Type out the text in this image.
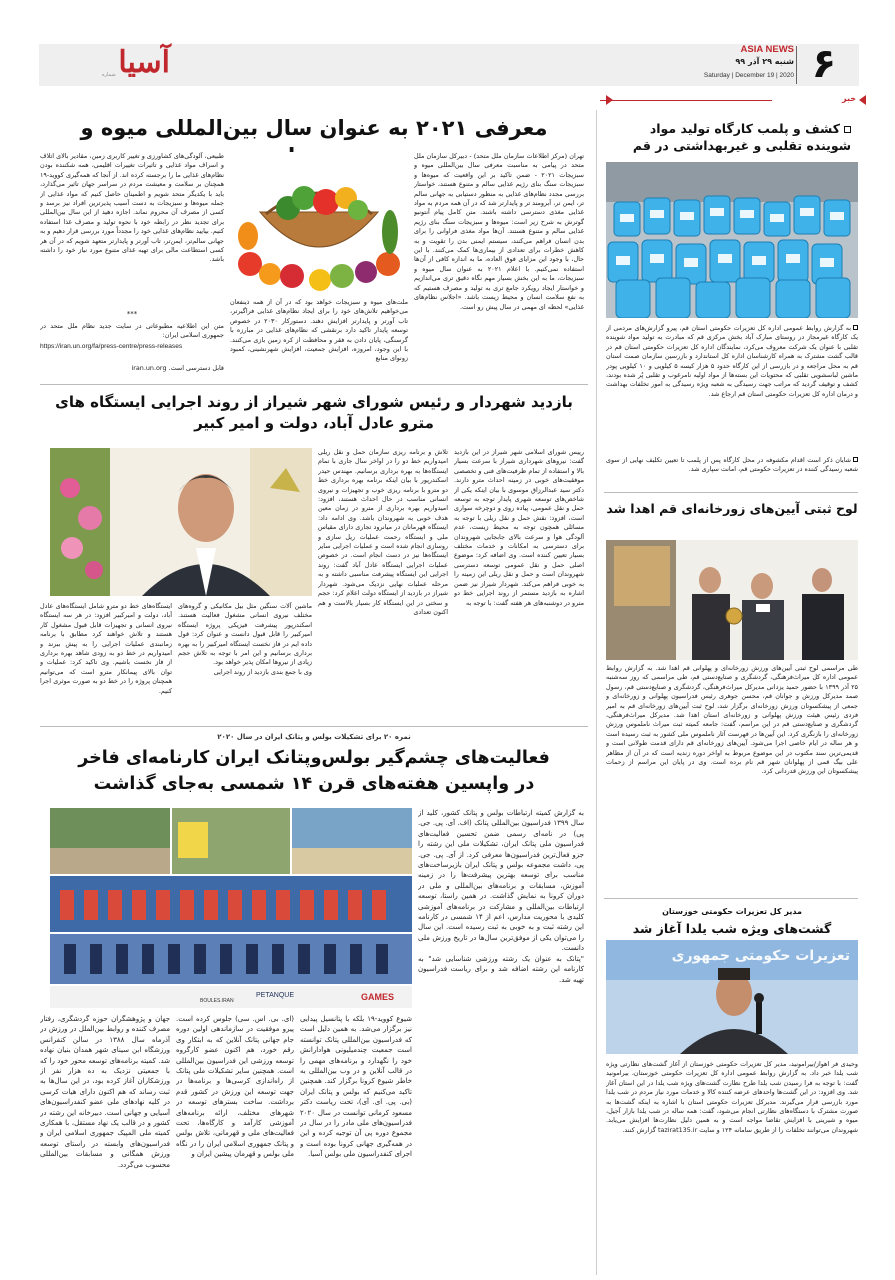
۶
ASIA NEWS
شنبه ۲۹ آذر ۹۹
Saturday | December 19 | 2020
آسیا
شماره
خبر
کشف و پلمب کارگاه تولید مواد شوینده تقلبی و غیربهداشتی در قم
به گزارش روابط عمومی اداره کل تعزیرات حکومتی استان قم، پیرو گزارش‌های مردمی از یک کارگاه غیرمجاز در روستای مبارک آباد بخش مرکزی قم که مبادرت به تولید مواد شوینده تقلبی با عنوان یک شرکت معروف می‌کرد، نمایندگان اداره کل تعزیرات حکومتی استان قم در قالب گشت مشترک به همراه کارشناسان اداره کل استاندارد و بازرسین سازمان صمت استان قم به محل مراجعه و در بازرسی از این کارگاه حدود ۵ هزار کیسه ۵ کیلویی و ۱۰ کیلویی پودر ماشین لباسشویی تقلبی که محتویات این بسته‌ها از مواد اولیه نامرغوب و تقلبی پُر شده بودند، کشف و توقیف گردید که مراتب جهت رسیدگی به شعبه ویژه رسیدگی به امور تخلفات بهداشت و درمان اداره کل تعزیرات حکومتی استان قم ارجاع شد.
شایان ذکر است اقدام مکشوفه در محل کارگاه پس از پلمب تا تعیین تکلیف نهایی از سوی شعبه رسیدگی کننده در تعزیرات حکومتی قم، امانت سپاری شد.
لوح ثبتی آیین‌های زورخانه‌ای قم اهدا شد
طی مراسمی لوح ثبتی آیین‌های ورزش زورخانه‌ای و پهلوانی قم اهدا شد. به گزارش روابط عمومی اداره کل میراث‌فرهنگی، گردشگری و صنایع‌دستی قم، طی مراسمی که روز سه‌شنبه ۲۵ آذر ۱۳۹۹ با حضور حمید یزدانی مدیرکل میراث‌فرهنگی، گردشگری و صنایع‌دستی قم، رسول صمد مدیرکل ورزش و جوانان قم، محسن جوهری رئیس فدراسیون پهلوانی و زورخانه‌ای و جمعی از پیشکسوتان ورزش زورخانه‌ای برگزار شد، لوح ثبت آیین‌های زورخانه‌ای قم به امیر فردی رئیس هیئت ورزش پهلوانی و زورخانه‌ای استان اهدا شد. مدیرکل میراث‌فرهنگی، گردشگری و صنایع‌دستی قم در این مراسم، گفت: جامعه کمیته ثبت میراث ناملموس ورزش زورخانه‌ای را بازنگری کرد. این آیین‌ها در فهرست آثار ناملموس ملی کشور به ثبت رسیده است و هر ساله در ایام خاصی اجرا می‌شود. آیین‌های زورخانه‌ای قم دارای قدمت طولانی است و قدیمی‌ترین سند مکتوب در این موضوع مربوط به اواخر دوره زندیه است که در آن از مظاهر علی بیگ قمی از پهلوانان شهر قم نام برده است. وی در پایان این مراسم از زحمات پیشکسوتان این ورزش قدردانی کرد.
مدیر کل تعزیرات حکومتی خوزستان
گشت‌های ویژه شب یلدا آغاز شد
تعزیرات حکومتی جمهوری
وحیدی فر اهواز/بیرامونید، مدیر کل تعزیرات حکومتی خوزستان از آغاز گشت‌های نظارتی ویژه شب یلدا خبر داد. به گزارش روابط عمومی اداره کل تعزیرات حکومتی خوزستان، بیرامونید گفت: با توجه به فرا رسیدن شب یلدا طرح نظارت گشت‌های ویژه شب یلدا در این استان آغاز شد. وی افزود: در این گشت‌ها واحدهای عرضه کننده کالا و خدمات مورد نیاز مردم در شب یلدا مورد بازرسی قرار می‌گیرند. مدیرکل تعزیرات حکومتی استان با اشاره به اینکه گشت‌ها به صورت مشترک با دستگاه‌های نظارتی انجام می‌شود، گفت: همه ساله در شب یلدا بازار آجیل، میوه و شیرینی با افزایش تقاضا مواجه است و به همین دلیل نظارت‌ها افزایش می‌یابد. شهروندان می‌توانند تخلفات را از طریق سامانه ۱۲۴ و سایت tazirat135.ir گزارش کنند.
معرفی ۲۰۲۱ به عنوان سال بین‌المللی میوه و
تهران (مرکز اطلاعات سازمان ملل متحد) - دبیرکل سازمان ملل متحد در پیامی به مناسبت معرفی سال بین‌المللی میوه و سبزیجات ۲۰۲۱ - ضمن تاکید بر این واقعیت که میوه‌ها و سبزیجات سنگ بنای رژیم غذایی سالم و متنوع هستند، خواستار بررسی مجدد نظام‌های غذایی به منظور دستیابی به جهانی سالم تر، ایمن تر، آبرومند تر و پایدارتر شد که در آن همه مردم به مواد غذایی مغذی دسترسی داشته باشند. متن کامل پیام آنتونیو گوترش به شرح زیر است: میوه‌ها و سبزیجات سنگ بنای رژیم غذایی سالم و متنوع هستند. آن‌ها مواد مغذی فراوانی را برای بدن انسان فراهم می‌کنند، سیستم ایمنی بدن را تقویت و به کاهش خطرات برای تعدادی از بیماری‌ها کمک می‌کنند. با این حال، با وجود این مزایای فوق العاده، ما به اندازه کافی از آن‌ها استفاده نمی‌کنیم. با اعلام ۲۰۲۱ به عنوان سال میوه و سبزیجات، ما به این بخش بسیار مهم نگاه دقیق تری می‌اندازیم و خواستار ایجاد رویکرد جامع تری به تولید و مصرف هستیم که به نفع سلامت انسان و محیط زیست باشد. «اجلاس نظام‌های غذایی» لحظه ای مهمی در سال پیش رو است.
ملت‌های میوه و سبزیجات خواهد بود که در آن از همه ذینفعان می‌خواهیم تلاش‌های خود را برای ایجاد نظام‌های غذایی فراگیرتر، تاب آورتر و پایدارتر افزایش دهند. دستورکار ۲۰۳۰ در خصوص توسعه پایدار تاکید دارد برنقشی که نظام‌های غذایی در مبارزه با گرسنگی، پایان دادن به فقر و محافظت از کره زمین بازی می‌کنند. با این وجود، امروزه، افزایش جمعیت، افزایش شهرنشینی، کمبود زونوای منابع
طبیعی، آلودگی‌های کشاورزی و تغییر کاربری زمین، مقادیر بالای اتلاف و اسراف مواد غذایی و تاثیرات تغییرات اقلیمی، همه شکننده بودن نظام‌های غذایی ما را برجسته کرده اند. از آنجا که همه‌گیری کووید-۱۹ همچنان بر سلامت و معیشت مردم در سراسر جهان تاثیر می‌گذارد، باید با یکدیگر متحد شویم و اطمینان حاصل کنیم که مواد غذایی از جمله میوه‌ها و سبزیجات به دست آسیب پذیرترین افراد نیز برسد و کسی از مصرف آن محروم نماند. اجازه دهید از این سال بین‌المللی برای تجدید نظر در رابطه خود با نحوه تولید و مصرف غذا استفاده کنیم. بیایید نظام‌های غذایی خود را مجدداً مورد بررسی قرار دهیم و به جهانی سالم‌تر، ایمن‌تر، تاب آورتر و پایدارتر متعهد شویم که در آن هر کسی استطاعت مالی برای تهیه غذای متنوع مورد نیاز خود را داشته باشد.
***
متن این اطلاعیه مطبوعاتی در سایت جدید نظام ملل متحد در جمهوری اسلامی ایران:
https://iran.un.org/fa/press-centre/press-releases
قابل دسترسی است. iran.un.org
بازدید شهردار و رئیس شورای شهر شیراز از روند اجرایی ایستگاه های مترو عادل آباد، دولت و امیر کبیر
رییس شورای اسلامی شهر شیراز در این بازدید گفت: نیروهای شهرداری شیراز با سرعت بسیار بالا و استفاده از تمام ظرفیت‌های فنی و تخصصی موفقیت‌های خوبی در زمینه احداث مترو دارند. دکتر سید عبدالرزاق موسوی با بیان اینکه یکی از شاخص‌های توسعه شهری پایدار توجه به توسعه حمل و نقل عمومی، پیاده روی و دوچرخه سواری است، افزود: نقش حمل و نقل ریلی با توجه به مسائلی همچون توجه به محیط زیست، عدم آلودگی هوا و سرعت بالای جابجایی شهروندان برای دسترسی به امکانات و خدمات مختلف بسیار تعیین کننده است. وی اضافه کرد: موضوع اصلی حمل و نقل عمومی توسعه دسترسی شهروندان است و حمل و نقل ریلی این زمینه را به خوبی فراهم می‌کند. شهردار شیراز نیز ضمن اشاره به بازدید مستمر از روند اجرایی خط دو مترو در دوشنبه‌های هر هفته گفت: با توجه به
تلاش و برنامه ریزی سازمان حمل و نقل ریلی امیدواریم خط دو را در اواخر سال جاری با تمام ایستگاه‌ها به بهره برداری برسانیم. مهندس حیدر اسکندرپور با بیان اینکه برنامه بهره برداری خط دو مترو با برنامه ریزی خوب و تجهیزات و نیروی انسانی مناسب در حال احداث هستند، افزود: امیدواریم بهره برداری از مترو در زمان معین هدف خوبی به شهروندان باشد. وی ادامه داد: ایستگاه قهرمانان در میانرود تجاری دارای مقیاس ملی و ایستگاه رحمت عملیات ریل سازی و روسازی انجام شده است و عملیات اجرایی سایر ایستگاه‌ها نیز در دست انجام است. در خصوص عملیات اجرایی ایستگاه عادل آباد گفت: روند اجرایی این ایستگاه پیشرفت مناسبی داشته و به مرحله عملیات نهایی نزدیک می‌شود. شهردار شیراز در بازدید از ایستگاه دولت اعلام کرد: حجم و سختی در این ایستگاه کار بسیار بالاست و هم اکنون تعدادی
ماشین آلات سنگین مثل بیل مکانیکی و گروه‌های مختلف نیروی انسانی مشغول فعالیت هستند. اسکندرپور پیشرفت فیزیکی پروژه ایستگاه امیرکبیر را قابل قبول دانست و عنوان کرد: قول داده ایم در فاز نخست ایستگاه امیرکبیر را به بهره برداری برسانیم و این امر با توجه به تلاش حجم زیادی از نیروها امکان پذیر خواهد بود.
وی با جمع بندی بازدید از روند اجرایی
ایستگاه‌های خط دو مترو شامل ایستگاه‌های عادل آباد، دولت و امیرکبیر افزود: در هر سه ایستگاه نیروی انسانی و تجهیزات قابل قبول مشغول کار هستند و تلاش خواهند کرد مطابق با برنامه زمانبندی عملیات اجرایی را به پیش ببرند و امیدواریم در خط دو به زودی شاهد بهره برداری از فاز نخست باشیم. وی تاکید کرد: عملیات و توان بالای پیمانکار مترو است که می‌توانیم همچنان پروژه را در خط دو به صورت موثری اجرا کنیم.
نمره ۲۰ برای تشکیلات بولس و پتانک ایران در سال ۲۰۲۰
فعالیت‌های چشم‌گیر بولس‌وپتانک ایران کارنامه‌ای فاخر
در واپسین هفته‌های قرن ۱۴ شمسی به‌جای گذاشت
GAMES
PETANQUE
BOULES.IRAN
به گزارش کمیته ارتباطات بولس و پتانک کشور، کلید از سال ۱۳۹۹ فدراسیون بین‌المللی پتانک (اف. آی. پی. جی. پی) در نامه‌ای رسمی ضمن تحسین فعالیت‌های فدراسیون ملی پتانک ایران، تشکیلات ملی این رشته را جزو فعال‌ترین فدراسیون‌ها معرفی کرد. از آی. پی. جی. پی، داشت مجموعه بولس و پتانک ایران بازیرساخت‌های مناسب برای توسعه بهترین پیشرفت‌ها را در زمینه آموزش، مسابقات و برنامه‌های بین‌المللی و ملی در دوران کرونا به نمایش گذاشت. در همین راستا، توسعه ارتباطات بین‌المللی و مشارکت در برنامه‌های آموزشی کلیدی با محوریت مدارس، اعم از ۱۴ شمسی در کارنامه این رشته ثبت و به خوبی به ثبت رسیده است. این سال را می‌توان یکی از موفق‌ترین سال‌ها در تاریخ ورزش ملی دانست.
"پتانک به عنوان یک رشته ورزشی شناسایی شد" به کارنامه این رشته اضافه شد و برای ریاست فدراسیون تهیه شد.
شیوع کووید-۱۹ بلکه با پتانسیل پیدایی نیز برگزار می‌شد. به همین دلیل است که فدراسیون بین‌المللی پتانک توانسته است جمعیت چندمیلیونی هوادارانش خود را نگهدارد و برنامه‌های مهمی را در قالب آنلاین و در وب بین‌المللی به خاطر شیوع کرونا برگزار کند. همچنین تاکید می‌کنیم که بولس و پتانک ایران (بی. پی. ای. آی)، تحت ریاست دکتر مسعود کرمانی توانست در سال ۲۰۲۰ فدراسیون‌های ملی مادر را در سال در مجموع دوره پی آن توجیه کرده و این در همه‌گیری جهانی کرونا بوده است و اجرای کنفدراسیون ملی بولس آسیا.
(ای. بی. اس. سی) جلوس کرده است. پیرو موفقیت در سازماندهی اولین دوره جام جهانی پتانک آنلاین که به ابتکار وی رقم خورد، هم اکنون عضو کارگروه توسعه ورزشی این فدراسیون بین‌المللی است. همچنین سایر تشکیلات ملی پتانک از راه‌اندازی کرسی‌ها و برنامه‌ها در جهت توسعه این ورزش در کشور قدم برداشت. ساخت بسترهای توسعه در شهرهای مختلف، ارائه برنامه‌های آموزشی کارآمد و کارگاه‌ها، تحت فعالیت‌های ملی و قهرمانی، تلاش بولس و پتانک جمهوری اسلامی ایران را در نگاه ملی بولس و قهرمان پیشین ایران و
جهان و پژوهشگران حوزه گردشگری، رفتار مصرف کننده و روابط بین‌الملل در ورزش در آذرماه سال ۱۳۸۸ در سالن کنفرانس ورزشگاه ابن سینای شهر همدان بنیان نهاده شد. کمیته برنامه‌های توسعه محور خود را که با جمعیتی نزدیک به ده هزار نفر از ورزشکاران آغاز کرده بود، در این سال‌ها به ثبت رساند که هم اکنون دارای هیات کرسی در کلیه نهادهای ملی عضو کنفدراسیون‌های آسیایی و جهانی است. دبیرخانه این رشته در کشور و در قالب یک نهاد مستقل، با همکاری کمیته ملی المپیک جمهوری اسلامی ایران و فدراسیون‌های وابسته در راستای توسعه ورزش همگانی و مسابقات بین‌المللی محسوب می‌گردد.
